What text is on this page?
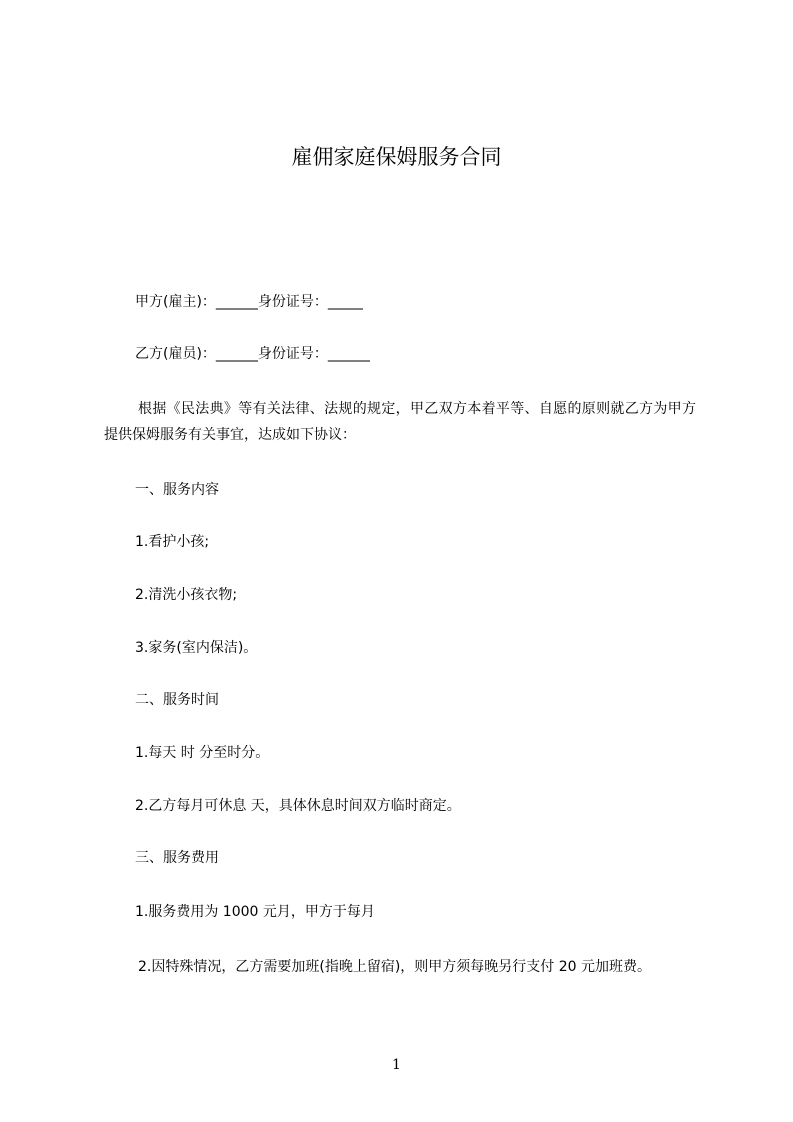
雇佣家庭保姆服务合同
甲方(雇主)：______身份证号：_____
乙方(雇员)：______身份证号：______
根据《民法典》等有关法律、法规的规定，甲乙双方本着平等、自愿的原则就乙方为甲方提供保姆服务有关事宜，达成如下协议：
一、服务内容
1.看护小孩;
2.清洗小孩衣物;
3.家务(室内保洁)。
二、服务时间
1.每天 时 分至时分。
2.乙方每月可休息 天，具体休息时间双方临时商定。
三、服务费用
1.服务费用为 1000 元月，甲方于每月
2.因特殊情况，乙方需要加班(指晚上留宿)，则甲方须每晚另行支付 20 元加班费。
1
